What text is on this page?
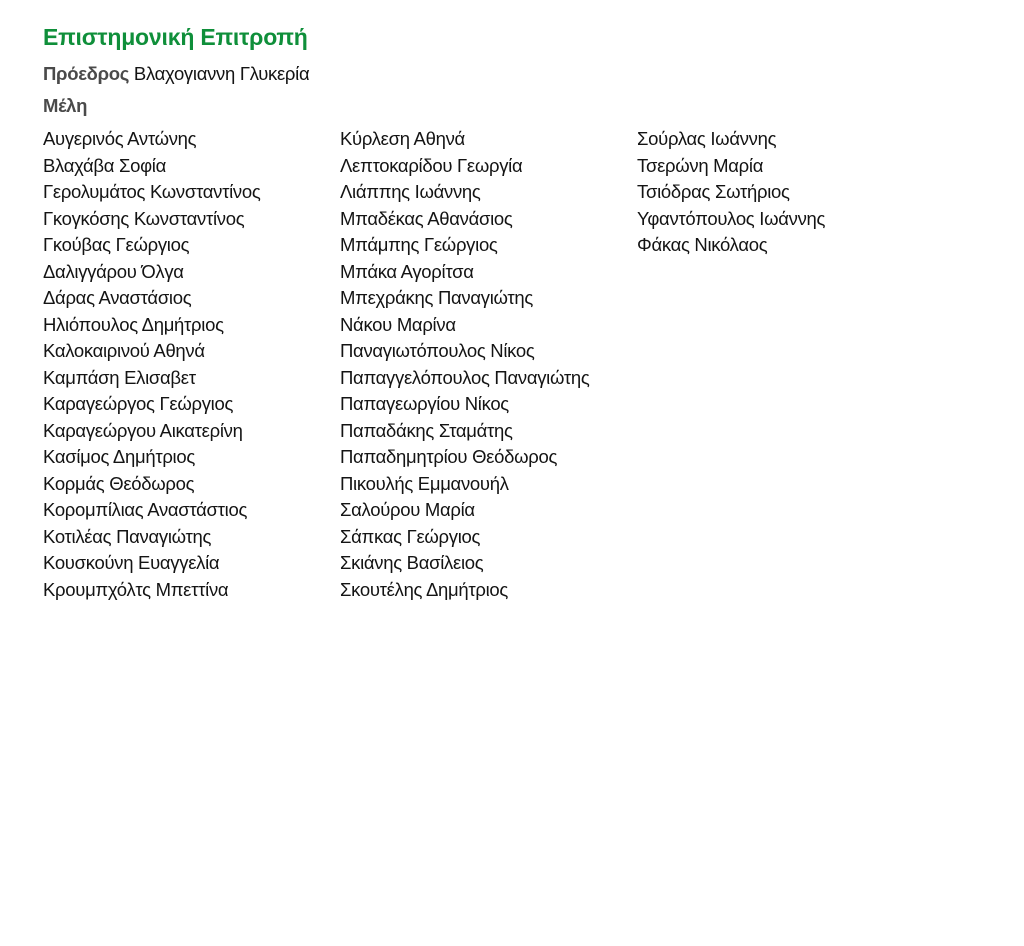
Επιστημονική Επιτροπή
Πρόεδρος Βλαχογιαννη Γλυκερία
Μέλη
Αυγερινός Αντώνης
Βλαχάβα Σοφία
Γερολυμάτος Κωνσταντίνος
Γκογκόσης Κωνσταντίνος
Γκούβας Γεώργιος
Δαλιγγάρου Όλγα
Δάρας Αναστάσιος
Ηλιόπουλος Δημήτριος
Καλοκαιρινού Αθηνά
Καμπάση Ελισαβετ
Καραγεώργος Γεώργιος
Καραγεώργου Αικατερίνη
Κασίμος Δημήτριος
Κορμάς Θεόδωρος
Κορομπίλιας Αναστάστιος
Κοτιλέας Παναγιώτης
Κουσκούνη Ευαγγελία
Κρουμπχόλτς Μπεττίνα
Κύρλεση Αθηνά
Λεπτοκαρίδου Γεωργία
Λιάππης Ιωάννης
Μπαδέκας Αθανάσιος
Μπάμπης Γεώργιος
Μπάκα Αγορίτσα
Μπεχράκης Παναγιώτης
Νάκου Μαρίνα
Παναγιωτόπουλος Νίκος
Παπαγγελόπουλος Παναγιώτης
Παπαγεωργίου Νίκος
Παπαδάκης Σταμάτης
Παπαδημητρίου Θεόδωρος
Πικουλής Εμμανουήλ
Σαλούρου Μαρία
Σάπκας Γεώργιος
Σκιάνης Βασίλειος
Σκουτέλης Δημήτριος
Σούρλας Ιωάννης
Τσερώνη Μαρία
Τσιόδρας Σωτήριος
Υφαντόπουλος Ιωάννης
Φάκας Νικόλαος
